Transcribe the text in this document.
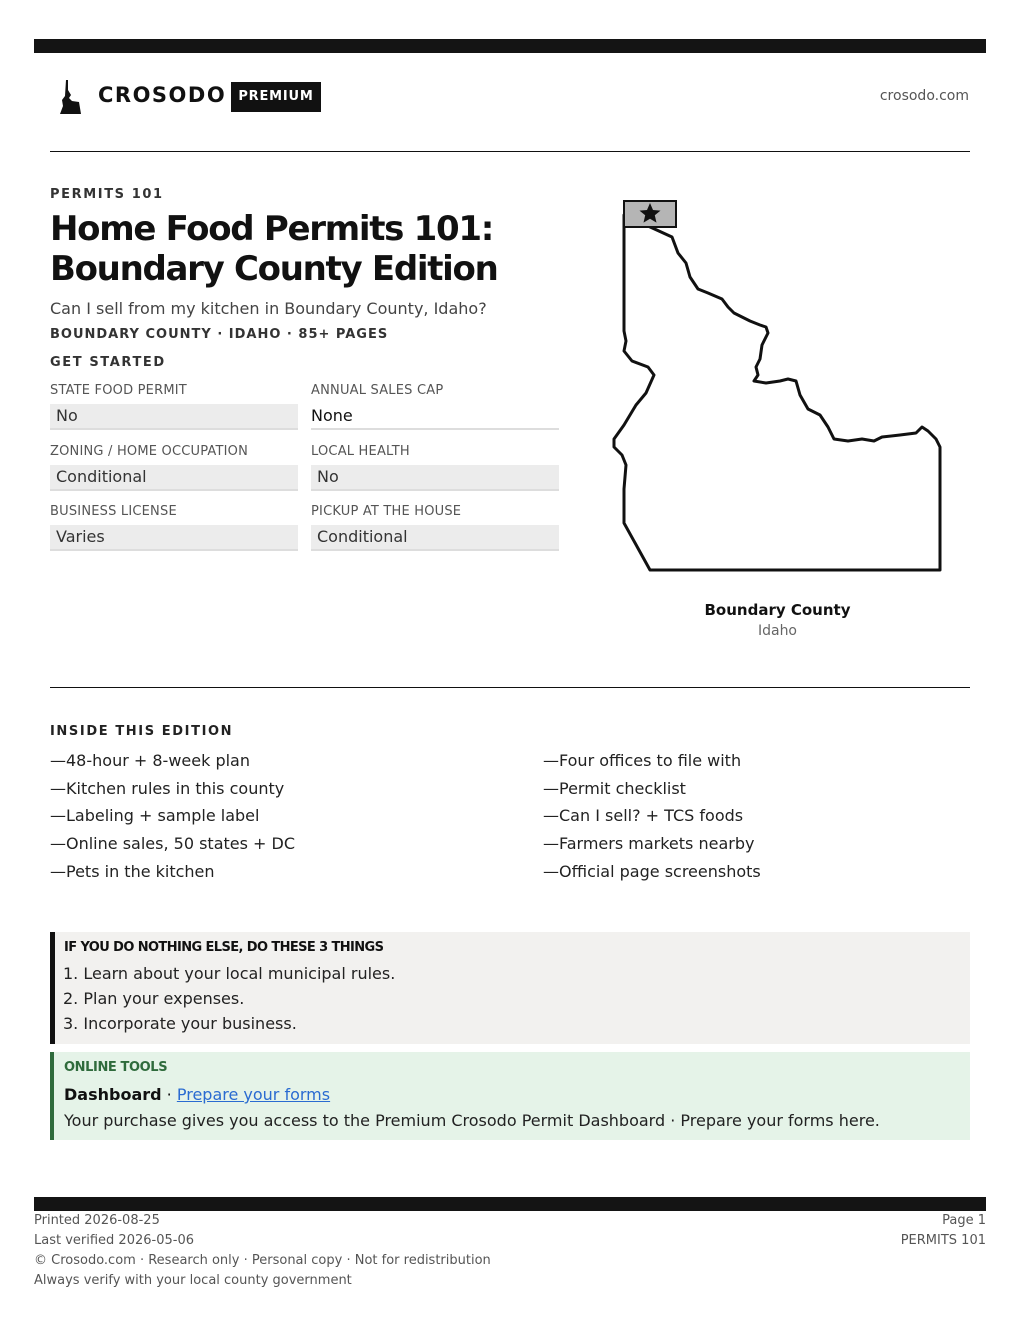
CROSODO PREMIUM	crosodo.com
PERMITS 101
Home Food Permits 101:
Boundary County Edition
Can I sell from my kitchen in Boundary County, Idaho?
BOUNDARY COUNTY · IDAHO · 85+ PAGES
GET STARTED
STATE FOOD PERMIT
No
ANNUAL SALES CAP
None
ZONING / HOME OCCUPATION
Conditional
LOCAL HEALTH
No
BUSINESS LICENSE
Varies
PICKUP AT THE HOUSE
Conditional
Boundary County
Idaho
INSIDE THIS EDITION
—48-hour + 8-week plan
—Kitchen rules in this county
—Labeling + sample label
—Online sales, 50 states + DC
—Pets in the kitchen
—Four offices to file with
—Permit checklist
—Can I sell? + TCS foods
—Farmers markets nearby
—Official page screenshots
IF YOU DO NOTHING ELSE, DO THESE 3 THINGS
1. Learn about your local municipal rules.
2. Plan your expenses.
3. Incorporate your business.
ONLINE TOOLS
Dashboard · Prepare your forms
Your purchase gives you access to the Premium Crosodo Permit Dashboard · Prepare your forms here.
Printed 2026-08-25
Last verified 2026-05-06
© Crosodo.com · Research only · Personal copy · Not for redistribution
Always verify with your local county government
Page 1
PERMITS 101
